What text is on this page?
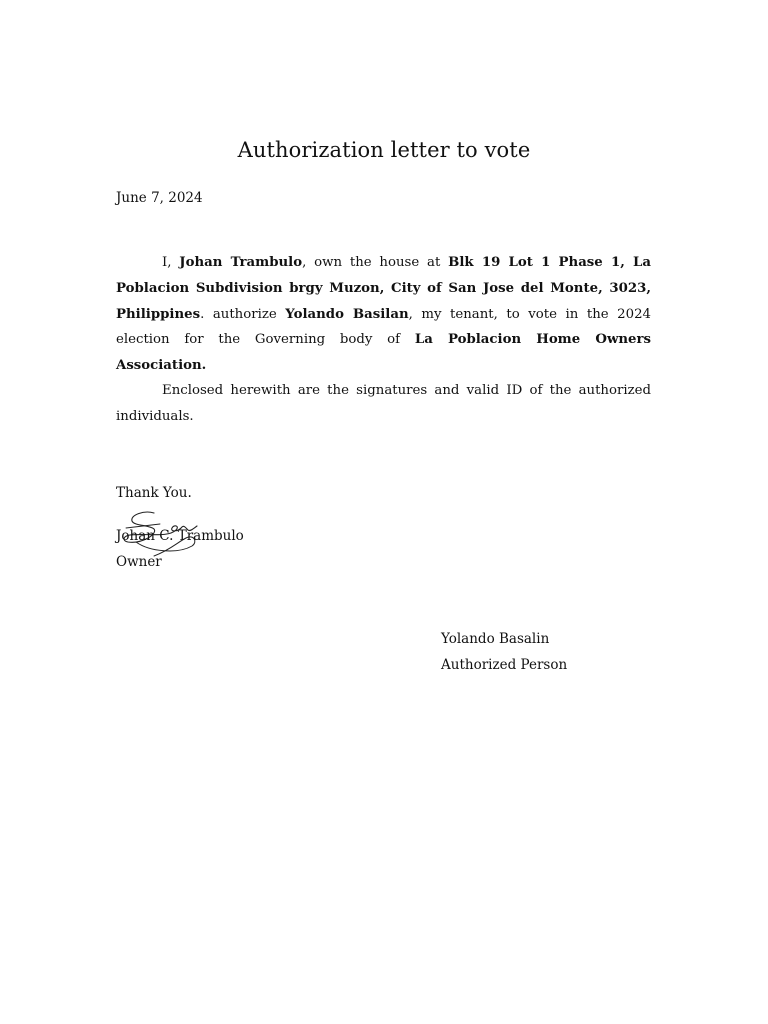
Authorization letter to vote
June 7, 2024

I, Johan Trambulo, own the house at Blk 19 Lot 1 Phase 1, La Poblacion Subdivision brgy Muzon, City of San Jose del Monte, 3023, Philippines. authorize Yolando Basilan, my tenant, to vote in the 2024 election for the Governing body of La Poblacion Home Owners Association.

Enclosed herewith are the signatures and valid ID of the authorized individuals.

Thank You.
Johan C. Trambulo
Owner
Yolando Basalin
Authorized Person
